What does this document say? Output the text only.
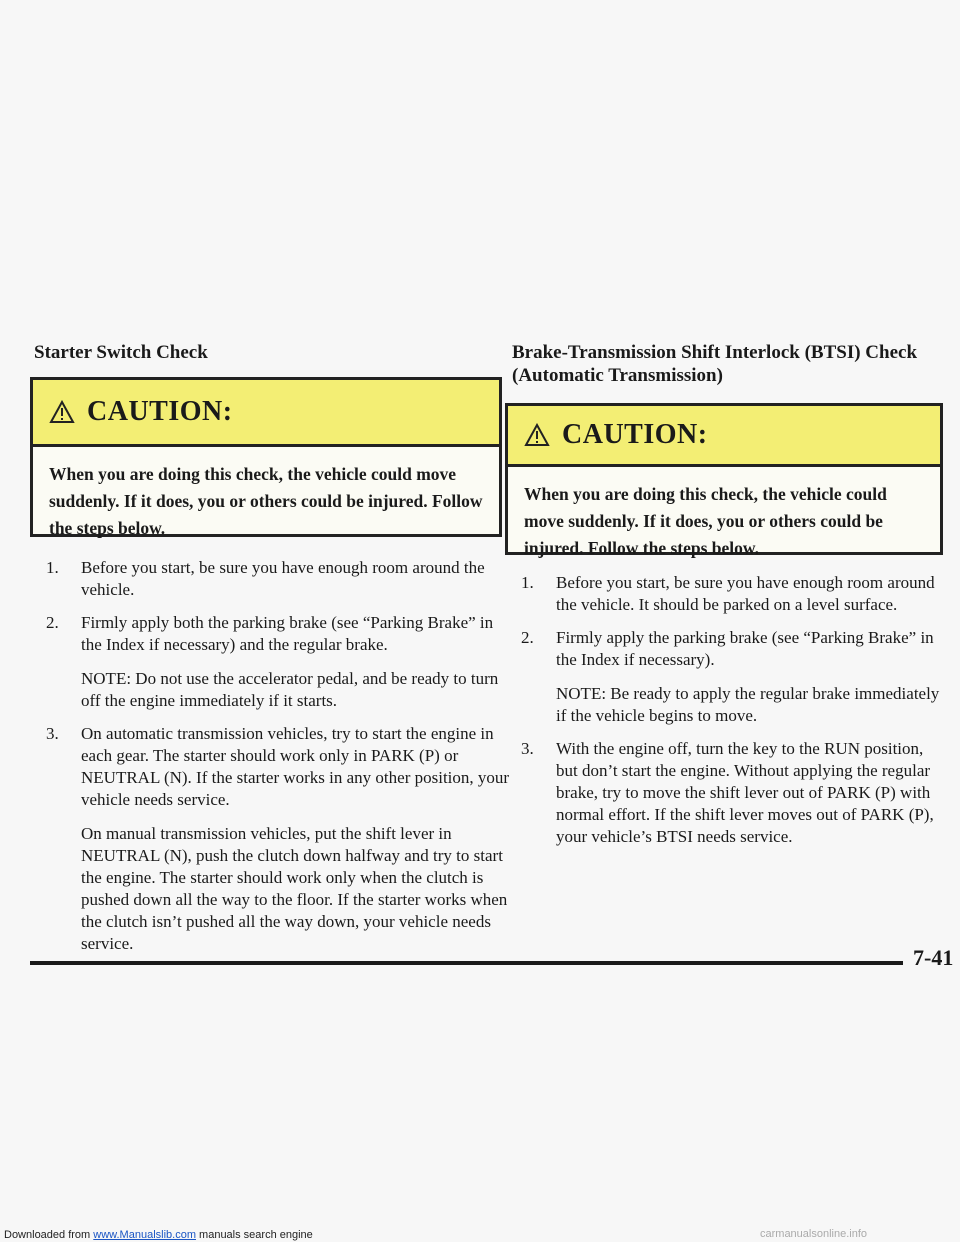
Starter Switch Check
CAUTION:
When you are doing this check, the vehicle could move suddenly. If it does, you or others could be injured. Follow the steps below.
1. Before you start, be sure you have enough room around the vehicle.
2. Firmly apply both the parking brake (see “Parking Brake” in the Index if necessary) and the regular brake.
NOTE: Do not use the accelerator pedal, and be ready to turn off the engine immediately if it starts.
3. On automatic transmission vehicles, try to start the engine in each gear. The starter should work only in PARK (P) or NEUTRAL (N). If the starter works in any other position, your vehicle needs service.
On manual transmission vehicles, put the shift lever in NEUTRAL (N), push the clutch down halfway and try to start the engine. The starter should work only when the clutch is pushed down all the way to the floor. If the starter works when the clutch isn’t pushed all the way down, your vehicle needs service.
Brake-Transmission Shift Interlock (BTSI) Check (Automatic Transmission)
CAUTION:
When you are doing this check, the vehicle could move suddenly. If it does, you or others could be injured. Follow the steps below.
1. Before you start, be sure you have enough room around the vehicle. It should be parked on a level surface.
2. Firmly apply the parking brake (see “Parking Brake” in the Index if necessary).
NOTE: Be ready to apply the regular brake immediately if the vehicle begins to move.
3. With the engine off, turn the key to the RUN position, but don’t start the engine. Without applying the regular brake, try to move the shift lever out of PARK (P) with normal effort. If the shift lever moves out of PARK (P), your vehicle’s BTSI needs service.
7-41
Downloaded from www.Manualslib.com manuals search engine	carmanualsonline.info
